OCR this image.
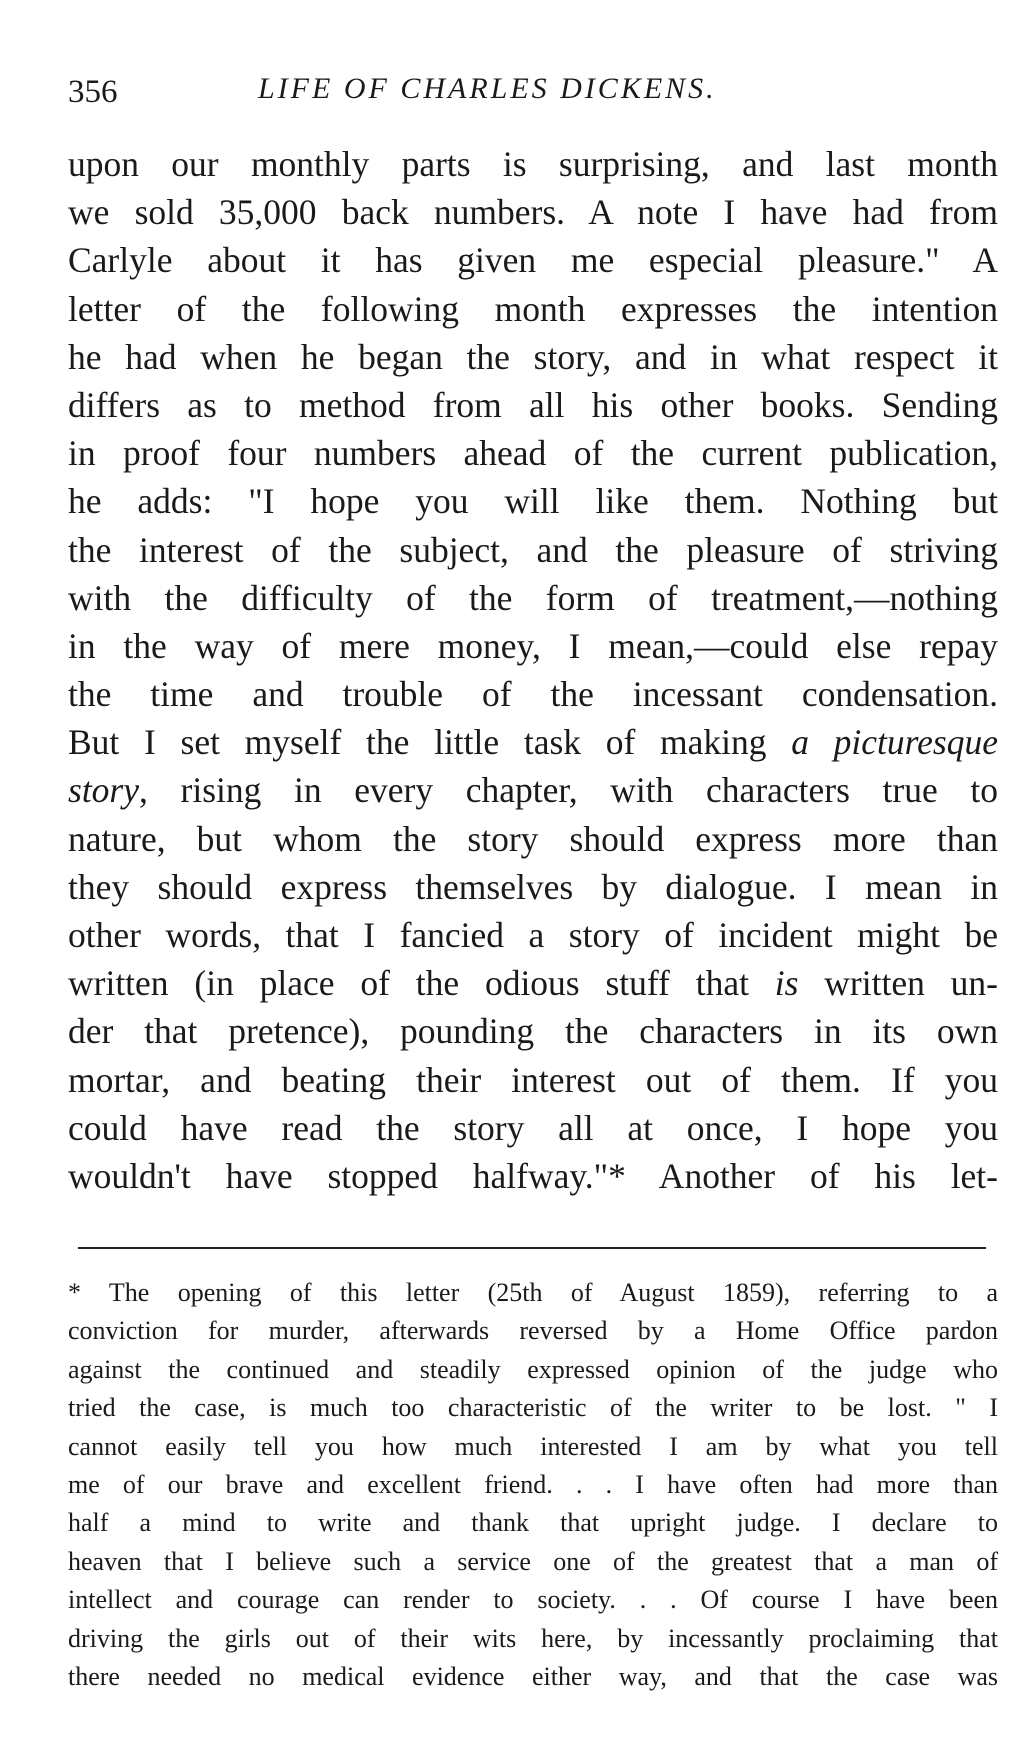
356	LIFE OF CHARLES DICKENS.
upon our monthly parts is surprising, and last month
we sold 35,000 back numbers. A note I have had from
Carlyle about it has given me especial pleasure." A
letter of the following month expresses the intention
he had when he began the story, and in what respect it
differs as to method from all his other books. Sending
in proof four numbers ahead of the current publication,
he adds: "I hope you will like them. Nothing but
the interest of the subject, and the pleasure of striving
with the difficulty of the form of treatment,—nothing
in the way of mere money, I mean,—could else repay
the time and trouble of the incessant condensation.
But I set myself the little task of making a picturesque
story, rising in every chapter, with characters true to
nature, but whom the story should express more than
they should express themselves by dialogue. I mean in
other words, that I fancied a story of incident might be
written (in place of the odious stuff that is written un-
der that pretence), pounding the characters in its own
mortar, and beating their interest out of them. If you
could have read the story all at once, I hope you
wouldn't have stopped halfway."* Another of his let-
* The opening of this letter (25th of August 1859), referring to a
conviction for murder, afterwards reversed by a Home Office pardon
against the continued and steadily expressed opinion of the judge who
tried the case, is much too characteristic of the writer to be lost. " I
cannot easily tell you how much interested I am by what you tell
me of our brave and excellent friend. . . I have often had more than
half a mind to write and thank that upright judge. I declare to
heaven that I believe such a service one of the greatest that a man of
intellect and courage can render to society. . . Of course I have been
driving the girls out of their wits here, by incessantly proclaiming that
there needed no medical evidence either way, and that the case was
